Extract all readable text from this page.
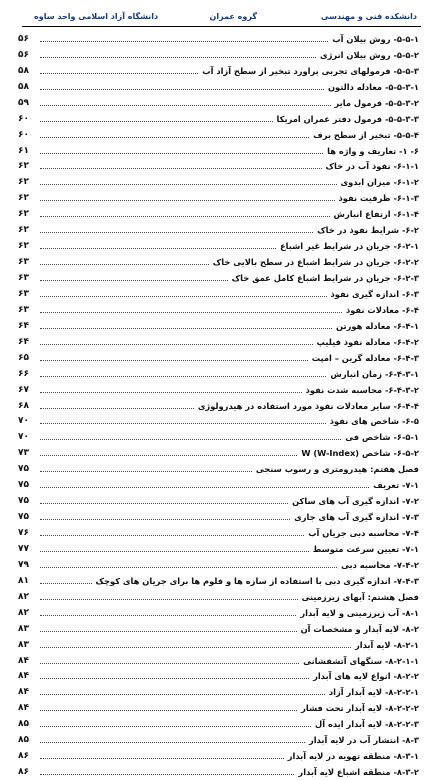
دانشکده فنی و مهندسی
گروه عمران
دانشگاه آزاد اسلامی واحد ساوه
۵-۵-۱- روش بیلان آب
۵۶
۵-۵-۲- روش بیلان انرژی
۵۶
۵-۵-۳- فرمولهای تجربی براورد تبخیر از سطح آزاد آب
۵۸
۵-۵-۳-۱- معادله دالتون
۵۸
۵-۵-۳-۲- فرمول مایر
۵۹
۵-۵-۳-۳- فرمول دفتر عمران امریکا
۶۰
۵-۵-۴- تبخیر از سطح برف
۶۰
۶- ۱- تعاریف و واژه ها
۶۱
۶-۱-۱- نفوذ آب در خاک
۶۲
۶-۱-۲- میزان ابدوی
۶۲
۶-۱-۳- ظرفیت نفوذ
۶۲
۶-۱-۴- ارتفاع انبارش
۶۲
۶-۲- شرایط نفوذ در خاک
۶۲
۶-۲-۱- جریان در شرایط غیر اشباع
۶۲
۶-۲-۲- جریان در شرایط اشباع در سطح بالایی خاک
۶۳
۶-۲-۳- جریان در شرایط اشباع کامل عمق خاک
۶۳
۶-۳- اندازه گیری نفوذ
۶۳
۶-۴- معادلات نفوذ
۶۳
۶-۴-۱- معادله هورتن
۶۴
۶-۴-۲- معادله نفوذ فیلیپ
۶۴
۶-۴-۳- معادله گرین – امپت
۶۵
۶-۴-۳-۱- زمان انبارش
۶۶
۶-۴-۳-۲- محاسبه شدت نفوذ
۶۷
۶-۴-۴- سایر معادلات نفوذ مورد استفاده در هیدرولوژی
۶۸
۶-۵- شاخص های نفوذ
۷۰
۶-۵-۱- شاخص فی
۷۰
۶-۵-۲- شاخص W (W-Index)
۷۳
فصل هفتم: هیدرومتری و رسوب سنجی
۷۵
۷-۱- تعریف
۷۵
۷-۲- اندازه گیری آب های ساکن
۷۵
۷-۳- اندازه گیری آب های جاری
۷۵
۷-۴- محاسبه دبی جریان آب
۷۶
۷-۱- تعیین سرعت متوسط
۷۷
۷-۴-۲- محاسبه دبی
۷۹
۷-۴-۳- اندازه گیری دبی با استفاده از سازه ها و فلوم ها برای جریان های کوچک
۸۱
فصل هشتم: آبهای زیرزمینی
۸۲
۸-۱- آب زیرزمینی و لایه آبدار
۸۲
۸-۲- لایه آبدار و مشخصات آن
۸۳
۸-۲-۱- لایه آبدار
۸۳
۸-۲-۱-۱- سنگهای آتشفشانی
۸۴
۸-۲-۲- انواع لایه های آبدار
۸۴
۸-۲-۲-۱- لایه آبدار آزاد
۸۴
۸-۲-۲-۲- لایه آبدار تحت فشار
۸۴
۸-۲-۲-۳- لایه آبدار ایده آل
۸۵
۸-۳- انتشار آب در لایه آبدار
۸۵
۸-۳-۱- منطقه تهویه در لایه آبدار
۸۶
۸-۳-۲- منطقه اشباع لایه آبدار
۸۶
